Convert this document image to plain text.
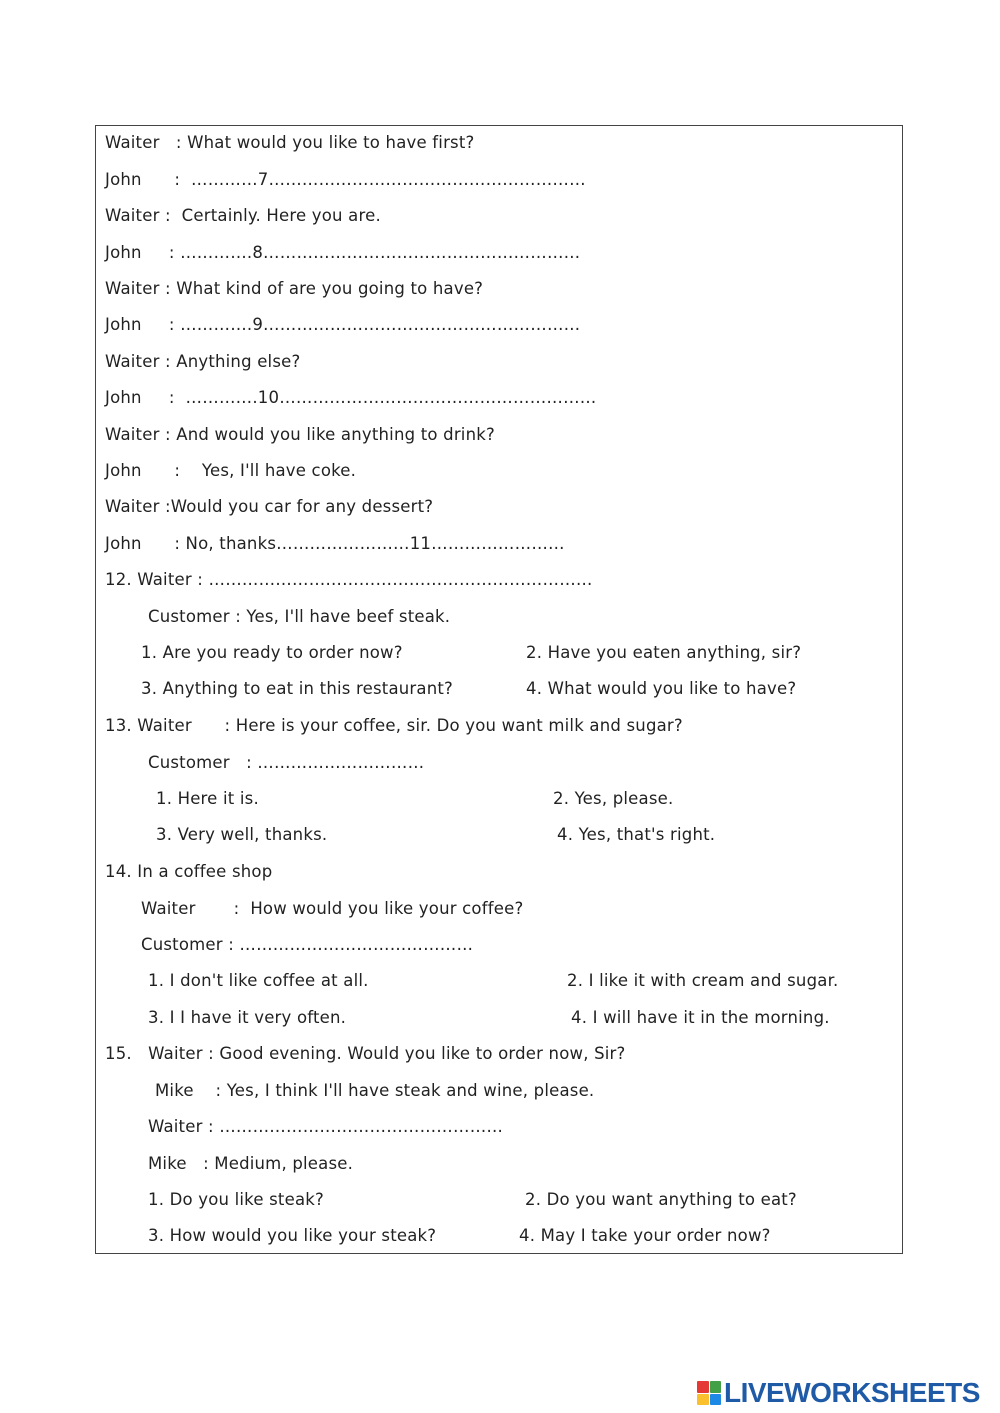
Waiter   : What would you like to have first?

John      :  …………7…………………………………………………

Waiter :  Certainly. Here you are.

John     : ………….8…………………………………………………

Waiter : What kind of are you going to have?

John     : ………….9…………………………………………………

Waiter : Anything else?

John     :  ………….10…………………………………………………

Waiter : And would you like anything to drink?

John      :    Yes, I'll have coke.

Waiter :Would you car for any dessert?

John      : No, thanks……………………11……………………

12. Waiter : ……………………………………………………………

Customer : Yes, I'll have beef steak.

1. Are you ready to order now?	2. Have you eaten anything, sir?

3. Anything to eat in this restaurant?	4. What would you like to have?

13. Waiter      : Here is your coffee, sir. Do you want milk and sugar?

Customer   : …………………………

1. Here it is.	2. Yes, please.

3. Very well, thanks.	4. Yes, that's right.

14. In a coffee shop

Waiter       :  How would you like your coffee?

Customer : ……………………………………

1. I don't like coffee at all.	2. I like it with cream and sugar.

3. I I have it very often.	4. I will have it in the morning.

15.   Waiter : Good evening. Would you like to order now, Sir?

Mike    : Yes, I think I'll have steak and wine, please.

Waiter : ……………………………………………

Mike   : Medium, please.

1. Do you like steak?	2. Do you want anything to eat?

3. How would you like your steak?	4. May I take your order now?

LIVEWORKSHEETS
